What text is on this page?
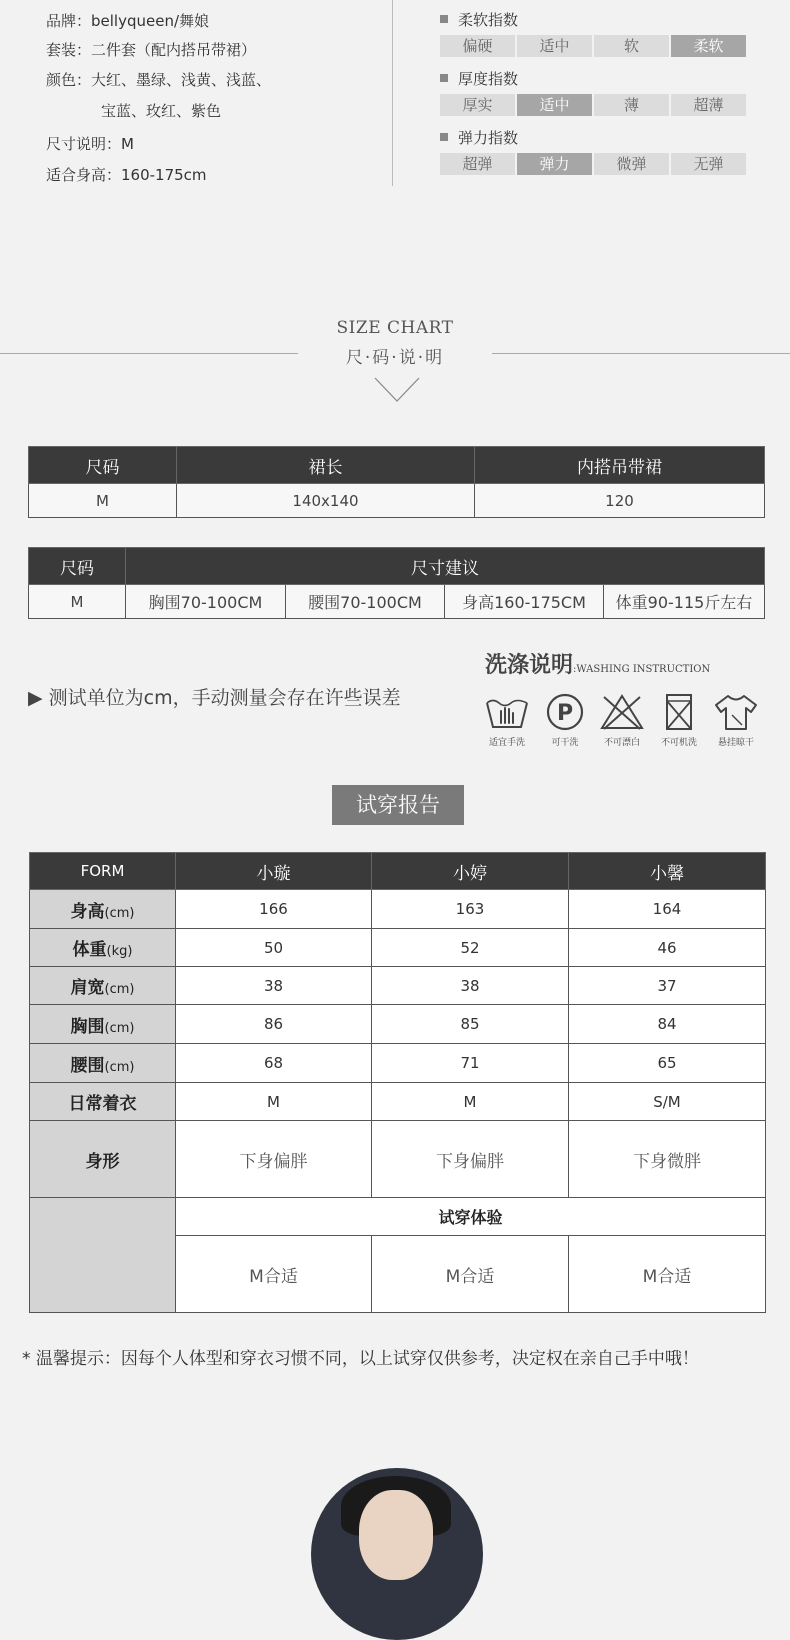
品牌：bellyqueen/舞娘
套装：二件套（配内搭吊带裙）
颜色：大红、墨绿、浅黄、浅蓝、
宝蓝、玫红、紫色
尺寸说明：M
适合身高：160-175cm
柔软指数
偏硬	适中	软	柔软
厚度指数
厚实	适中	薄	超薄
弹力指数
超弹	弹力	微弹	无弹
SIZE CHART
尺·码·说·明
尺码	裙长	内搭吊带裙
M	140x140	120
尺码	尺寸建议			
M	胸围70-100CM	腰围70-100CM	身高160-175CM	体重90-115斤左右
▶ 测试单位为cm，手动测量会存在许些误差
洗涤说明:WASHING INSTRUCTION
适宜手洗
P
可干洗	不可漂白	不可机洗	悬挂晾干
试穿报告
FORM	小璇	小婷	小馨
身高(cm)	166	163	164
体重(kg)	50	52	46
肩宽(cm)	38	38	37
胸围(cm)	86	85	84
腰围(cm)	68	71	65
日常着衣	M	M	S/M
身形	下身偏胖	下身偏胖	下身微胖
	试穿体验		
	M合适	M合适	M合适
* 温馨提示：因每个人体型和穿衣习惯不同，以上试穿仅供参考，决定权在亲自己手中哦！
